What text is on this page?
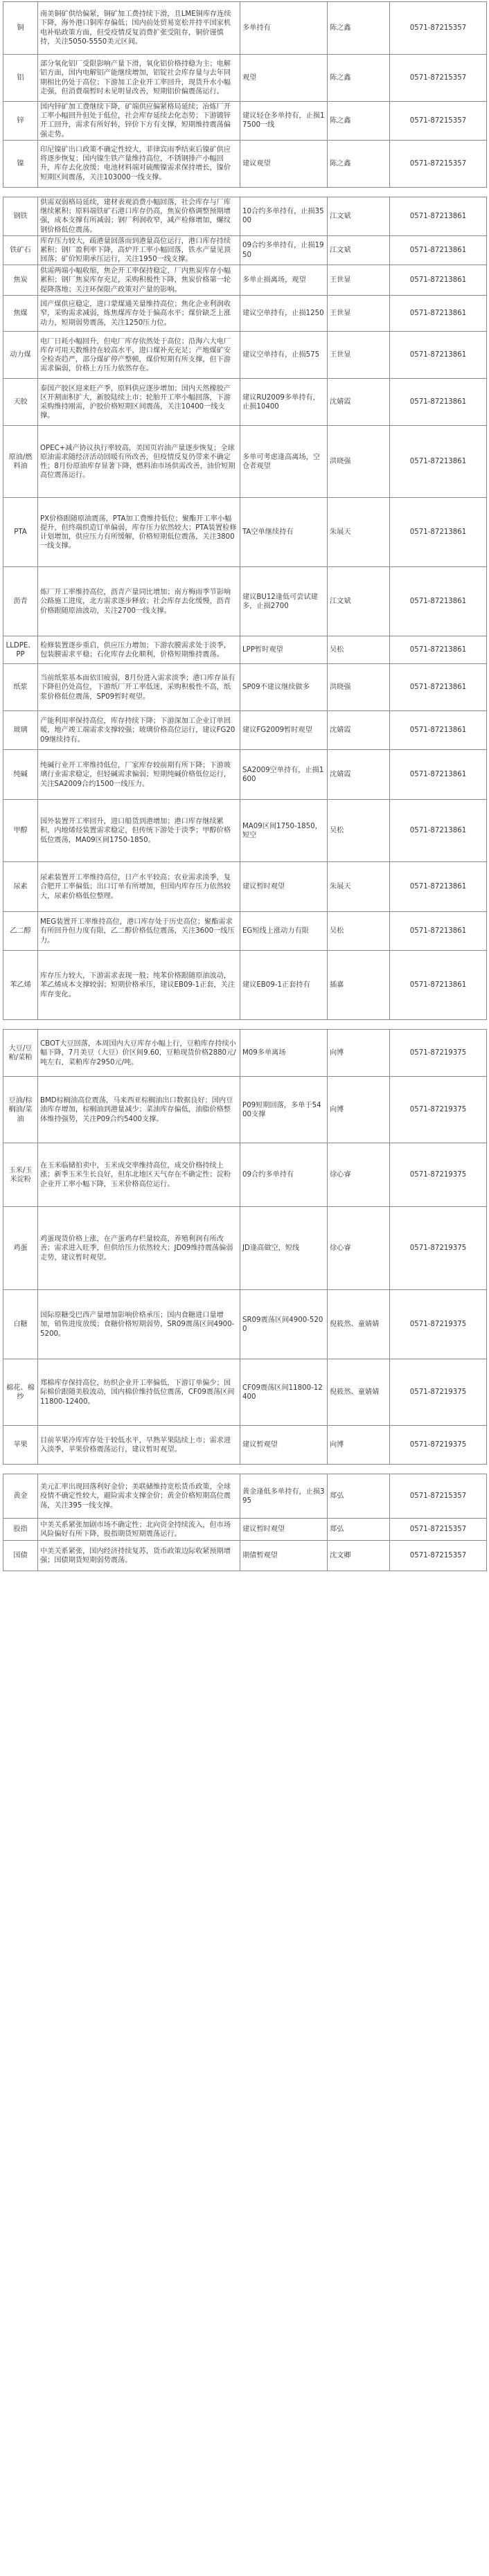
铜	南美铜矿供给偏紧，铜矿加工费持续下滑，且LME铜库存连续下降，海外港口铜库存偏低；国内前处贸易宽松并持平国家机电补贴政策方面，但受疫情反复消费扩张受阻存，铜价谨慎持，关注5050-5550美元区间。	多单持有	陈之鑫	0571-87215357
铝	部分氧化铝厂受限影响产量下滑，氧化铝价格持稳为主；电解铝方面，国内电解铝产能继续增加，铝锭社会库存量与去年同期相比仍处于高位；下游加工企业开工率回升，现货升水小幅走强，但消费端暂时未见明显改善，短期铝价偏震荡运行。	观望	陈之鑫	0571-87215357
锌	国内锌矿加工费继续下降，矿端供应偏紧格局延续；冶炼厂开工率小幅回升但处于低位，社会库存延续去化态势；下游镀锌开工回升，需求有所好转，锌价下方有支撑，短期维持震荡偏强走势。	建议轻仓多单持有，止损17500一线	陈之鑫	0571-87215357
镍	印尼镍矿出口政策不确定性较大，菲律宾雨季结束后镍矿供应将逐步恢复；国内镍生铁产量维持高位，不锈钢排产小幅回升，库存去化放缓；电池材料端对硫酸镍需求保持增长，镍价短期区间震荡，关注103000一线支撑。	建议观望	陈之鑫	0571-87215357

钢铁	供需双弱格局延续，建材表观消费小幅回落，社会库存与厂库继续累积；原料端铁矿石港口库存仍高，焦炭价格调整预期增强，成本支撑有所减弱；钢厂利润收窄，减产检修增加，螺纹钢价格低位震荡。	10合约多单持有，止损3500	江文斌	0571-87213861
铁矿石	库存压力较大，疏港量回落而到港量高位运行，港口库存持续累积；钢厂盈利率下降，高炉开工率小幅回落，铁水产量见顶回落；矿价短期承压运行，关注1950一线支撑。	09合约多单持有，止损1950	江文斌	0571-87213861
焦炭	供需两端小幅收缩，焦企开工率保持稳定，厂内焦炭库存小幅累积；钢厂焦炭库存充足，采购积极性下降，焦炭价格第一轮提降落地；关注环保限产政策对产量的影响。	多单止损离场，观望	王世显	0571-87213861
焦煤	国产煤供应稳定，进口蒙煤通关量维持高位；焦化企业利润收窄，采购需求减弱，炼焦煤库存处于偏高水平；煤价缺乏上涨动力，短期弱势震荡，关注1250压力位。	建议空单持有，止损1250	王世显	0571-87213861
动力煤	电厂日耗小幅回升，但电厂库存依然处于高位；沿海六大电厂库存可用天数维持在较高水平，进口煤补充充足；产地煤矿安全检查趋严，部分煤矿停产整顿，煤价短期有所支撑，但下游需求偏弱，价格上方压力依然存在。	建议空单持有，止损575	王世显	0571-87213861
天胶	泰国产胶区迎来旺产季，原料供应逐步增加；国内天然橡胶产区开割面积扩大，新胶陆续上市；轮胎开工率小幅回落，下游采购维持刚需，沪胶价格短期区间震荡，关注10400一线支撑。	建议RU2009多单持有，止损10400	沈婧霞	0571-87213861
原油/燃料油	OPEC+减产协议执行率较高，美国页岩油产量逐步恢复；全球原油需求随经济活动回暖有所改善，但疫情反复仍带来不确定性；8月份原油库存显著下降，燃料油市场供需改善，油价短期高位震荡运行。	多单可考虑逢高离场，空仓者观望	洪晓强	0571-87213861
PTA	PX价格跟随原油震荡，PTA加工费维持低位；聚酯开工率小幅提升，但终端织造订单偏弱，库存压力依然较大；PTA装置检修计划增加，供应压力有所缓解，价格短期低位震荡，关注3800一线支撑。	TA空单继续持有	朱展天	0571-87213861
沥青	炼厂开工率维持高位，沥青产量同比增加；南方梅雨季节影响公路施工进度，北方需求逐步释放；社会库存去化缓慢，沥青价格跟随原油波动，关注2700一线支撑。	建议BU12逢低可尝试建多，止损2700	江文斌	0571-87213861
LLDPE、PP	检修装置逐步重启，供应压力增加；下游农膜需求处于淡季，包装膜需求平稳；石化库存去化顺利，价格短期维持震荡。	LPP暂时观望	吴松	0571-87213861
纸浆	当前纸浆基本面依旧疲弱，8月份进入需求淡季；港口库存虽有下降但仍处高位，下游纸厂开工率低迷，采购积极性不高，纸浆价格低位震荡，SP09暂时观望。	SP09不建议继续做多	洪晓强	0571-87213861
玻璃	产能利用率保持高位，库存持续下降；下游深加工企业订单回暖，地产竣工端需求支撑较强；玻璃价格高位运行，建议FG2009继续持有。	建议FG2009暂时观望	沈婧霞	0571-87213861
纯碱	纯碱行业开工率维持低位，厂家库存较前期有所下降；下游玻璃行业需求稳定，但轻碱需求偏弱；短期纯碱价格低位运行，关注SA2009合约1500一线压力。	SA2009空单持有，止损1600	沈婧霞	0571-87213861
甲醇	国外装置开工率回升，进口船货到港增加；港口库存继续累积，内地烯烃装置需求稳定，但传统下游处于淡季；甲醇价格低位震荡，MA09区间1750-1850。	MA09区间1750-1850，短空	吴松	0571-87213861
尿素	尿素装置开工率维持高位，日产水平较高；农业需求淡季，复合肥开工率偏低；出口订单有所增加，但国内库存压力依然较大，尿素价格低位整理。	建议暂时观望	朱展天	0571-87213861
乙二醇	MEG装置开工率维持高位，港口库存处于历史高位；聚酯需求有所回升但力度有限，乙二醇价格低位震荡，关注3600一线压力。	EG短线上涨动力有限	吴松	0571-87213861
苯乙烯	库存压力较大，下游需求表现一般；纯苯价格跟随原油波动，苯乙烯成本支撑较弱；短期价格承压，建议EB09-1正套，关注库存变化。	建议EB09-1正套持有	插嘉	0571-87213861

大豆/豆粕/菜粕	CBOT大豆回落，本周国内大豆库存小幅上行，豆粕库存持续小幅下降，7月美豆（大豆）价区间9.60，豆粕现货价格2880元/吨左右，菜粕库存2950元/吨。	M09多单离场	向博	0571-87219375
豆油/棕榈油/菜油	BMD棕榈油高位震荡，马来西亚棕榈油出口数据良好；国内豆油库存增加，棕榈油到港量减少；菜油库存偏低，油脂价格整体维持强势，关注P09合约5400支撑。	P09短期回落，多单于5400支撑	向博	0571-87219375
玉米/玉米淀粉	在玉米临储拍卖中，玉米成交率维持高位，成交价格持续上涨；新季玉米生长良好，但东北地区天气存在不确定性；淀粉企业开工率小幅下降，玉米价格高位运行。	09合约多单持有	徐心睿	0571-87219375
鸡蛋	鸡蛋现货价格上涨，在产蛋鸡存栏量较高，养殖利润有所改善；需求进入旺季，但供给压力依然较大；JD09维持震荡偏弱走势，建议暂时观望。	JD逢高做空，短线	徐心睿	0571-87219375
白糖	国际原糖受巴西产量增加影响价格承压；国内食糖进口量增加，销售进度放缓；食糖价格短期弱势，SR09震荡区间4900-5200。	SR09震荡区间4900-5200	倪筱然、童婧婧	0571-87219375
棉花、棉纱	郑棉库存保持高位，纺织企业开工率偏低，下游订单偏少；国际棉价跟随美股波动，国内棉价维持低位震荡，CF09震荡区间11800-12400。	CF09震荡区间11800-12400	倪筱然、童婧婧	0571-87219375
苹果	目前苹果冷库库存处于较低水平，早熟苹果陆续上市；需求进入淡季，苹果价格震荡运行，建议暂时观望。	建议暂观望	向博	0571-87219375

黄金	美元汇率出现回落利好金价；美联储维持宽松货币政策，全球疫情不确定性较大，避险需求支撑金价；黄金价格短期高位震荡，关注395一线支撑。	黄金逢低多单持有，止损395	郑弘	0571-87215357
股指	中美关系紧张加剧市场不确定性；北向资金持续流入，但市场风险偏好有所下降，股指期货短期震荡运行。	建议暂时观望	郑弘	0571-87215357
国债	中美关系紧张，国内经济持续复苏，货币政策边际收紧预期增强；国债期货短期弱势震荡。	期债暂观望	沈文卿	0571-87215357
